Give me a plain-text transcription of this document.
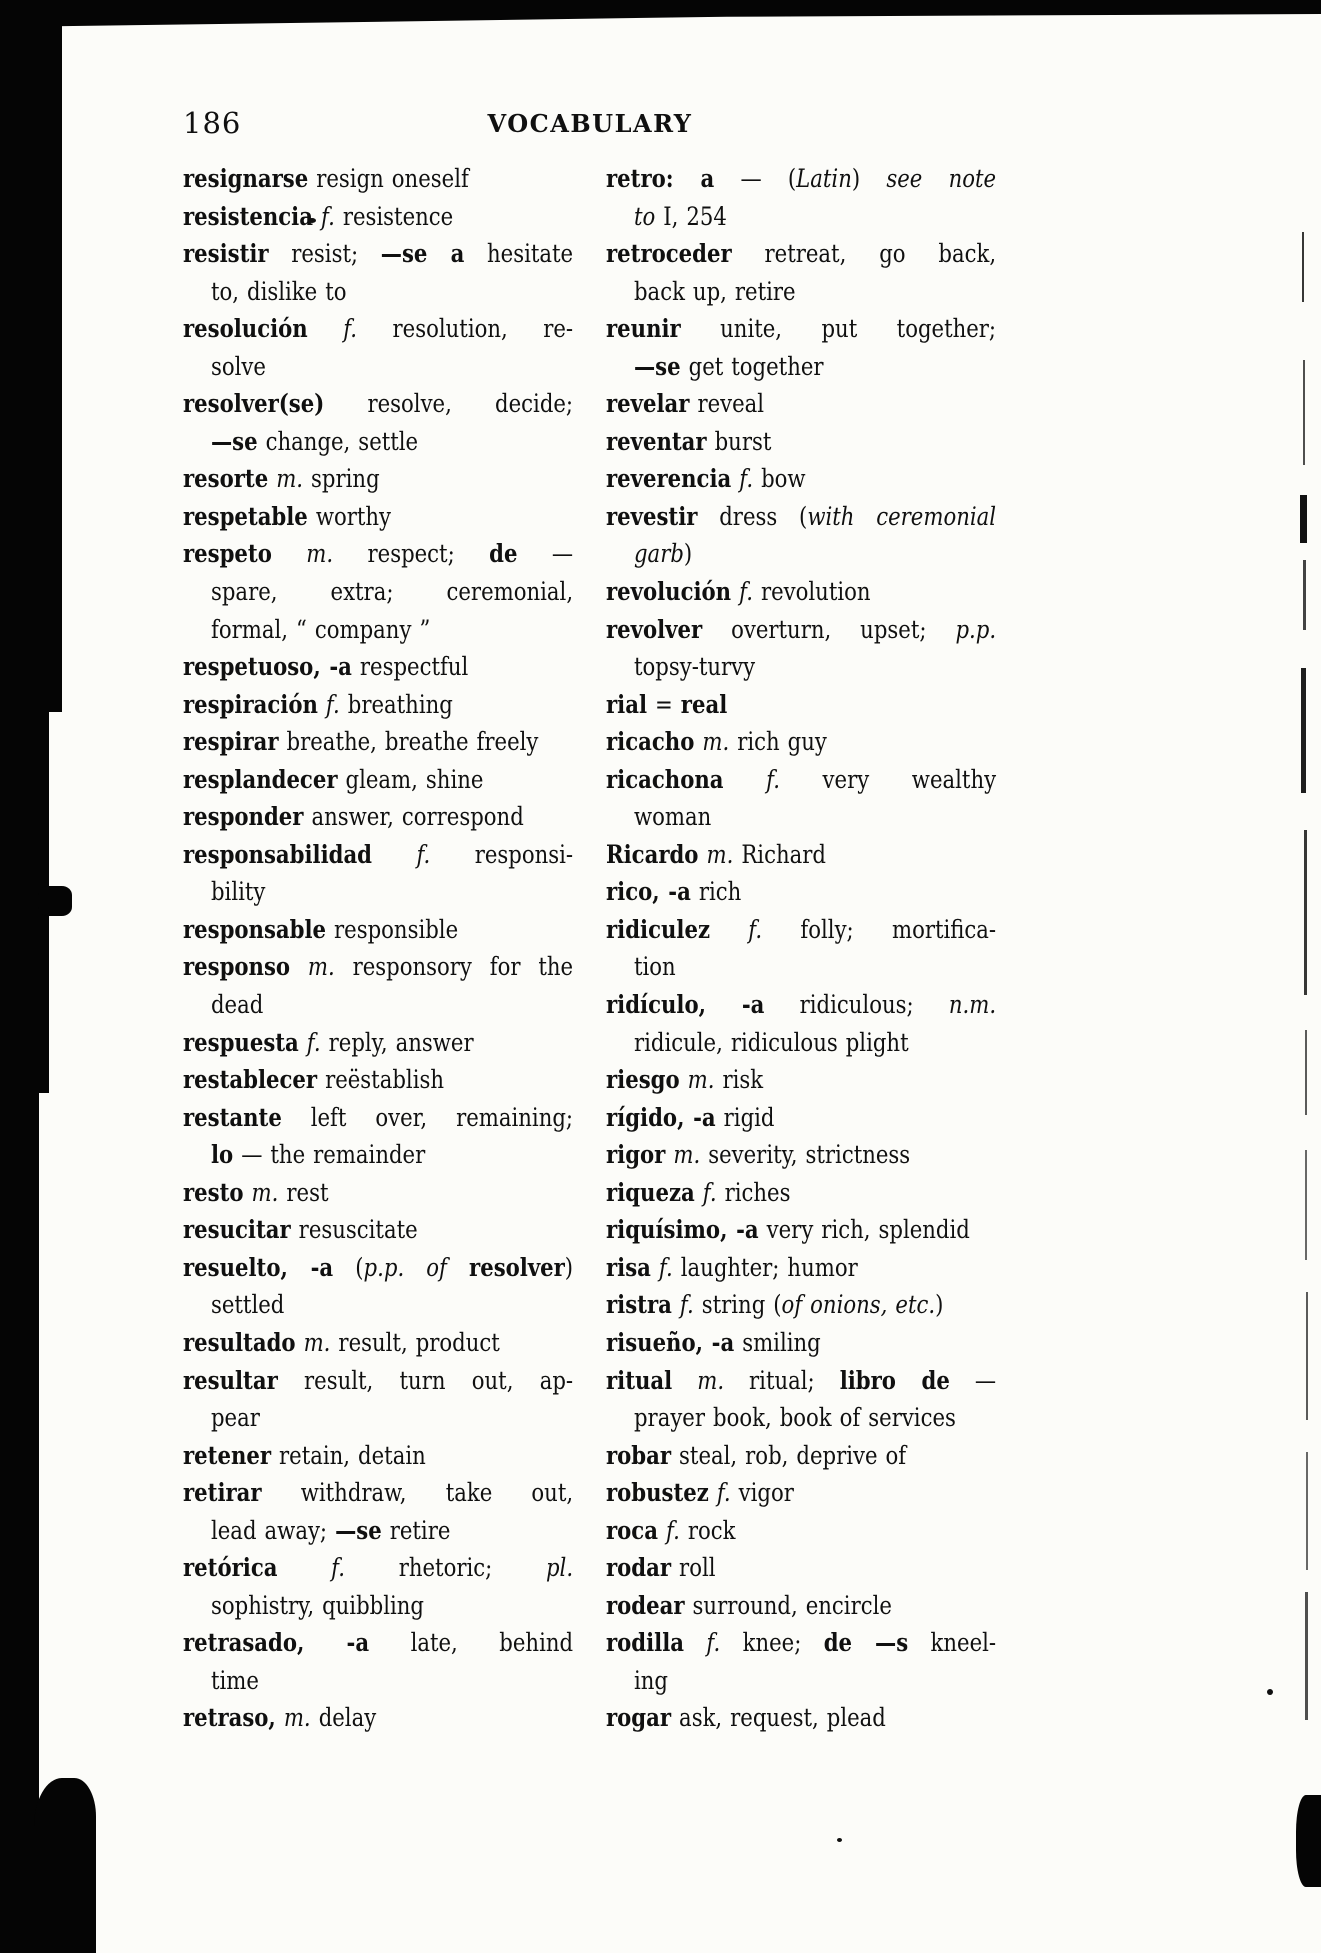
186	VOCABULARY
resignarse resign oneself
resistencia f. resistence
resistir resist; —se a hesitate
to, dislike to
resolución f. resolution, re-
solve
resolver(se) resolve, decide;
—se change, settle
resorte m. spring
respetable worthy
respeto m. respect; de —
spare, extra; ceremonial,
formal, “ company ”
respetuoso, -a respectful
respiración f. breathing
respirar breathe, breathe freely
resplandecer gleam, shine
responder answer, correspond
responsabilidad f. responsi-
bility
responsable responsible
responso m. responsory for the
dead
respuesta f. reply, answer
restablecer reëstablish
restante left over, remaining;
lo — the remainder
resto m. rest
resucitar resuscitate
resuelto, -a (p.p. of resolver)
settled
resultado m. result, product
resultar result, turn out, ap-
pear
retener retain, detain
retirar withdraw, take out,
lead away; —se retire
retórica f. rhetoric; pl.
sophistry, quibbling
retrasado, -a late, behind
time
retraso, m. delay
retro: a — (Latin) see note
to I, 254
retroceder retreat, go back,
back up, retire
reunir unite, put together;
—se get together
revelar reveal
reventar burst
reverencia f. bow
revestir dress (with ceremonial
garb)
revolución f. revolution
revolver overturn, upset; p.p.
topsy-turvy
rial = real
ricacho m. rich guy
ricachona f. very wealthy
woman
Ricardo m. Richard
rico, -a rich
ridiculez f. folly; mortifica-
tion
ridículo, -a ridiculous; n.m.
ridicule, ridiculous plight
riesgo m. risk
rígido, -a rigid
rigor m. severity, strictness
riqueza f. riches
riquísimo, -a very rich, splendid
risa f. laughter; humor
ristra f. string (of onions, etc.)
risueño, -a smiling
ritual m. ritual; libro de —
prayer book, book of services
robar steal, rob, deprive of
robustez f. vigor
roca f. rock
rodar roll
rodear surround, encircle
rodilla f. knee; de —s kneel-
ing
rogar ask, request, plead
